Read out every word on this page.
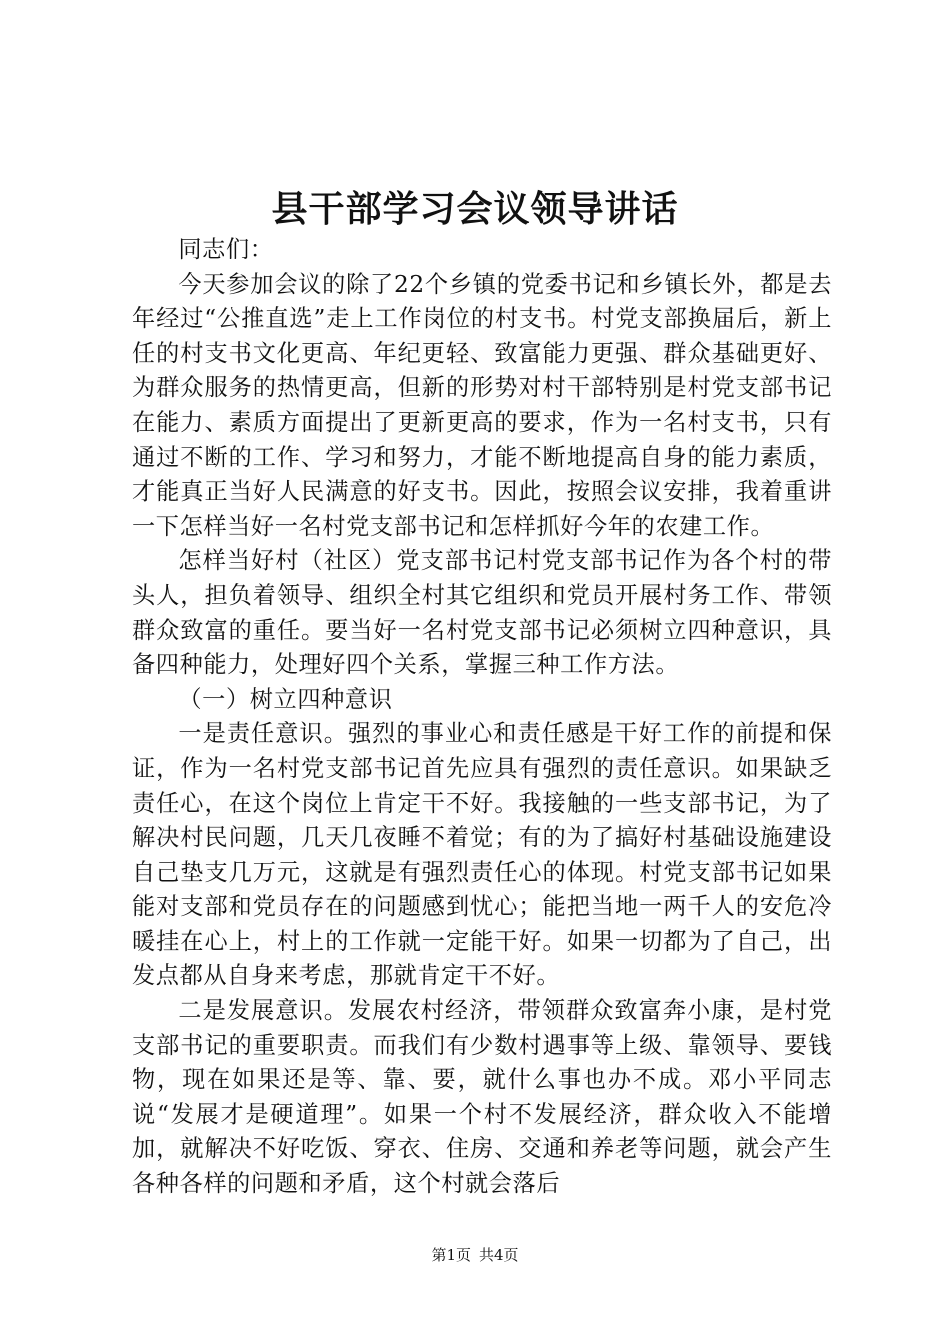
县干部学习会议领导讲话

同志们：

今天参加会议的除了22个乡镇的党委书记和乡镇长外，都是去年经过“公推直选”走上工作岗位的村支书。村党支部换届后，新上任的村支书文化更高、年纪更轻、致富能力更强、群众基础更好、为群众服务的热情更高，但新的形势对村干部特别是村党支部书记在能力、素质方面提出了更新更高的要求，作为一名村支书，只有通过不断的工作、学习和努力，才能不断地提高自身的能力素质，才能真正当好人民满意的好支书。因此，按照会议安排，我着重讲一下怎样当好一名村党支部书记和怎样抓好今年的农建工作。

怎样当好村（社区）党支部书记村党支部书记作为各个村的带头人，担负着领导、组织全村其它组织和党员开展村务工作、带领群众致富的重任。要当好一名村党支部书记必须树立四种意识，具备四种能力，处理好四个关系，掌握三种工作方法。

（一）树立四种意识

一是责任意识。强烈的事业心和责任感是干好工作的前提和保证，作为一名村党支部书记首先应具有强烈的责任意识。如果缺乏责任心，在这个岗位上肯定干不好。我接触的一些支部书记，为了解决村民问题，几天几夜睡不着觉；有的为了搞好村基础设施建设自己垫支几万元，这就是有强烈责任心的体现。村党支部书记如果能对支部和党员存在的问题感到忧心；能把当地一两千人的安危冷暖挂在心上，村上的工作就一定能干好。如果一切都为了自己，出发点都从自身来考虑，那就肯定干不好。

二是发展意识。发展农村经济，带领群众致富奔小康，是村党支部书记的重要职责。而我们有少数村遇事等上级、靠领导、要钱物，现在如果还是等、靠、要，就什么事也办不成。邓小平同志说“发展才是硬道理”。如果一个村不发展经济，群众收入不能增加，就解决不好吃饭、穿衣、住房、交通和养老等问题，就会产生各种各样的问题和矛盾，这个村就会落后

第1页 共4页
